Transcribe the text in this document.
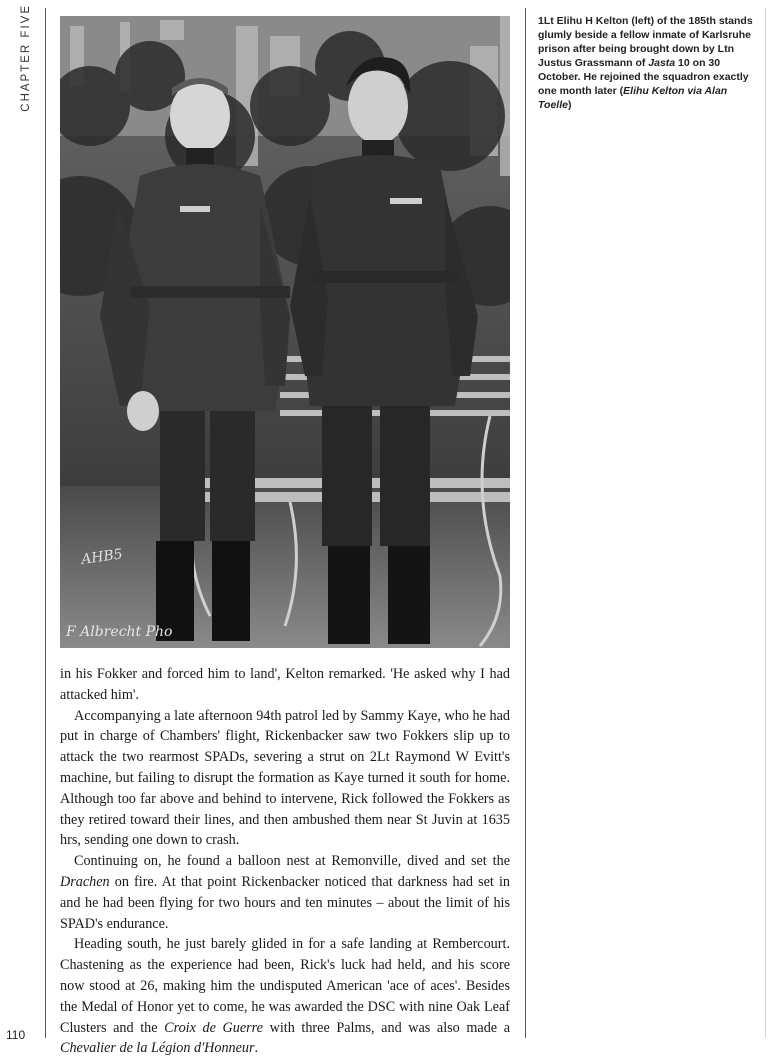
CHAPTER FIVE
AHB5
F Albrecht Pho
1Lt Elihu H Kelton (left) of the 185th stands glumly beside a fellow inmate of Karlsruhe prison after being brought down by Ltn Justus Grassmann of Jasta 10 on 30 October. He rejoined the squadron exactly one month later (Elihu Kelton via Alan Toelle)

in his Fokker and forced him to land', Kelton remarked. 'He asked why I had attacked him'.

Accompanying a late afternoon 94th patrol led by Sammy Kaye, who he had put in charge of Chambers' flight, Rickenbacker saw two Fokkers slip up to attack the two rearmost SPADs, severing a strut on 2Lt Raymond W Evitt's machine, but failing to disrupt the formation as Kaye turned it south for home. Although too far above and behind to intervene, Rick followed the Fokkers as they retired toward their lines, and then ambushed them near St Juvin at 1635 hrs, sending one down to crash.

Continuing on, he found a balloon nest at Remonville, dived and set the Drachen on fire. At that point Rickenbacker noticed that darkness had set in and he had been flying for two hours and ten minutes – about the limit of his SPAD's endurance.

Heading south, he just barely glided in for a safe landing at Rembercourt. Chastening as the experience had been, Rick's luck had held, and his score now stood at 26, making him the undisputed American 'ace of aces'. Besides the Medal of Honor yet to come, he was awarded the DSC with nine Oak Leaf Clusters and the Croix de Guerre with three Palms, and was also made a Chevalier de la Légion d'Honneur.

110
